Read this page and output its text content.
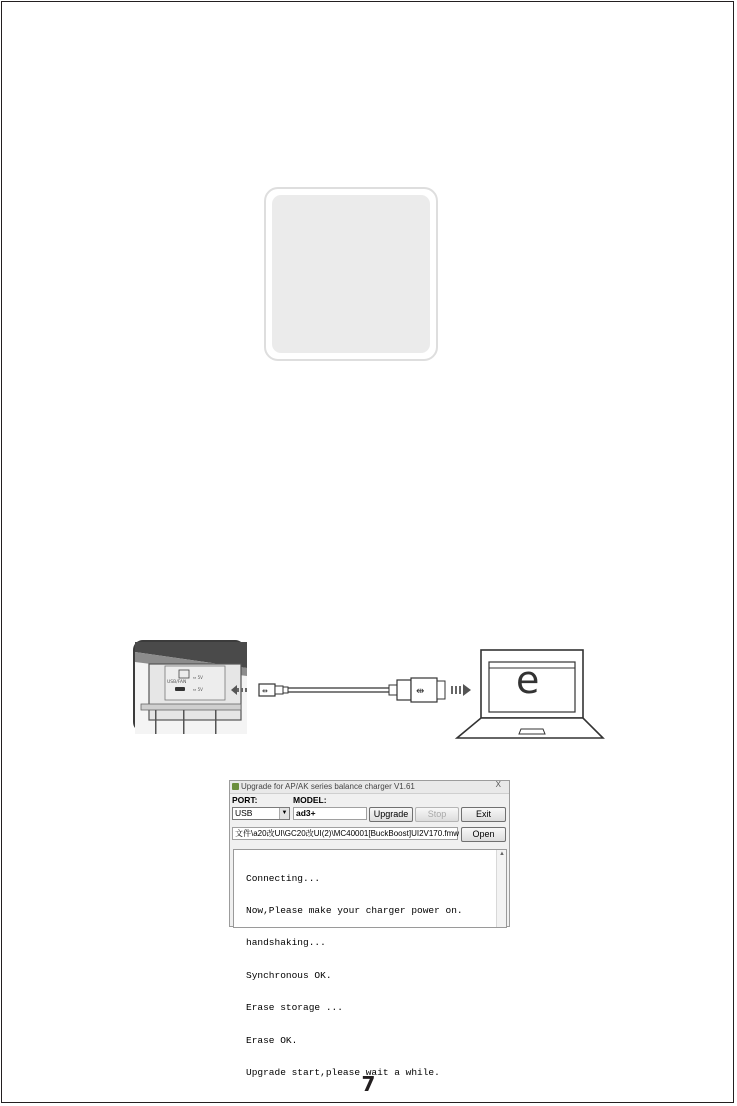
USB/FAN
⇔ 5V
⇔ 5V	⇹	⇹ e
Upgrade for AP/AK series balance charger V1.61	X
PORT:	MODEL:
USB	▼	ad3+	Upgrade	Stop	Exit
文件\a20改UI\GC20改UI(2)\MC40001[BuckBoost]UI2V170.fmw	Open

Connecting...

Now,Please make your charger power on.

handshaking...

Synchronous OK.

Erase storage ...

Erase OK.

Upgrade start,please wait a while.

▲
7
